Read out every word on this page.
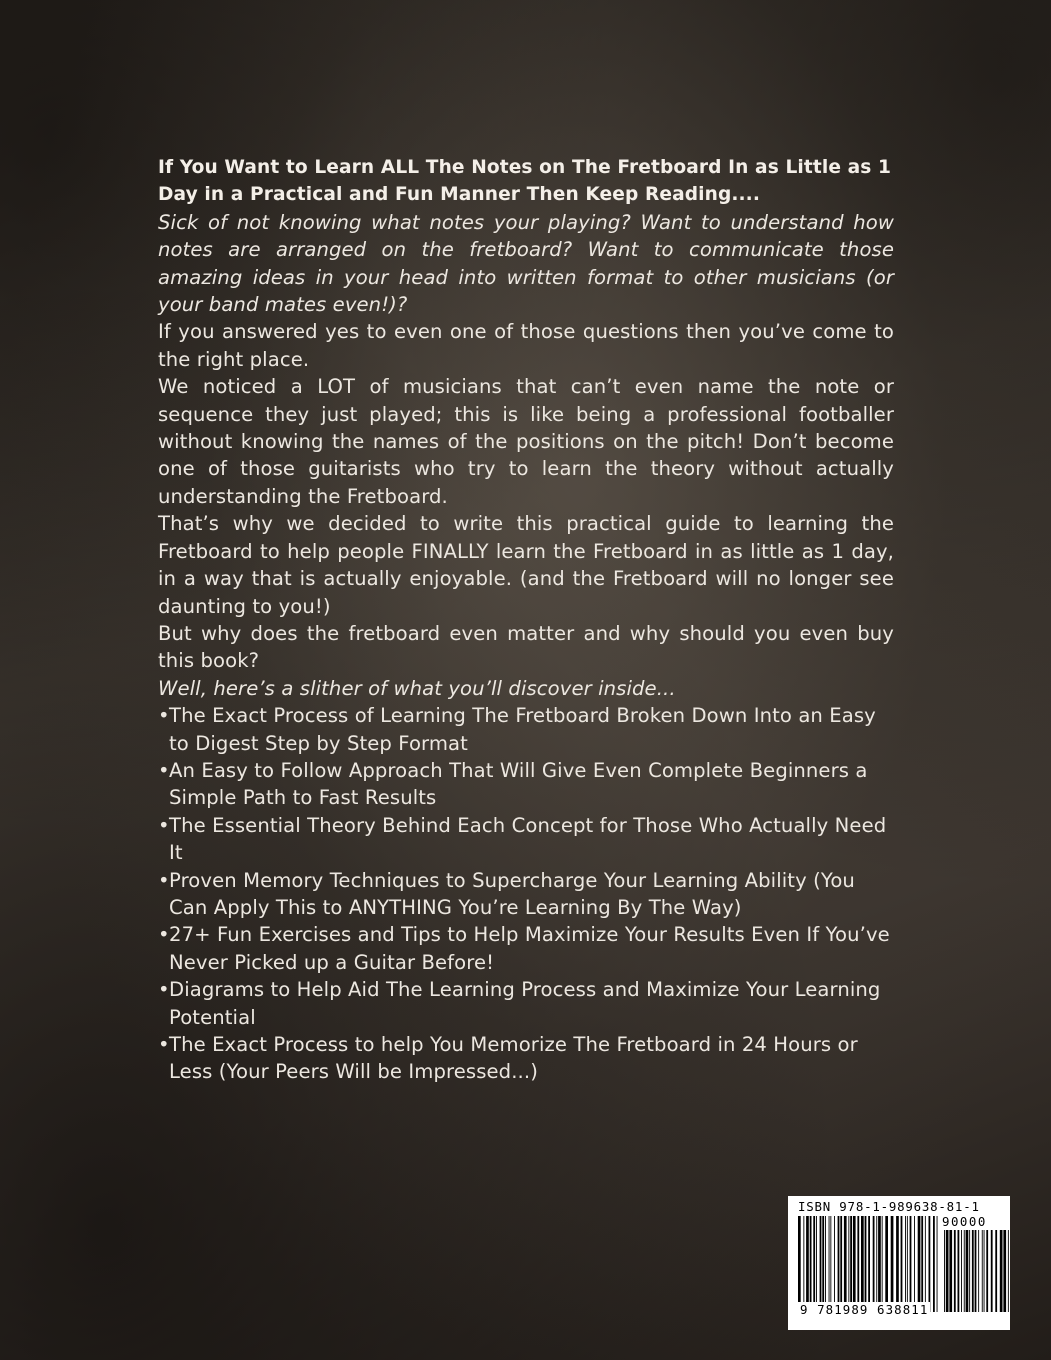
If You Want to Learn ALL The Notes on The Fretboard In as Little as 1 Day in a Practical and Fun Manner Then Keep Reading....

Sick of not knowing what notes your playing? Want to understand how notes are arranged on the fretboard? Want to communicate those amazing ideas in your head into written format to other musicians (or your band mates even!)?

If you answered yes to even one of those questions then you’ve come to the right place.

We noticed a LOT of musicians that can’t even name the note or sequence they just played; this is like being a professional footballer without knowing the names of the positions on the pitch! Don’t become one of those guitarists who try to learn the theory without actually understanding the Fretboard.

That’s why we decided to write this practical guide to learning the Fretboard to help people FINALLY learn the Fretboard in as little as 1 day, in a way that is actually enjoyable. (and the Fretboard will no longer see daunting to you!)

But why does the fretboard even matter and why should you even buy this book?

Well, here’s a slither of what you’ll discover inside...

• The Exact Process of Learning The Fretboard Broken Down Into an Easy to Digest Step by Step Format
• An Easy to Follow Approach That Will Give Even Complete Beginners a Simple Path to Fast Results
• The Essential Theory Behind Each Concept for Those Who Actually Need It
• Proven Memory Techniques to Supercharge Your Learning Ability (You Can Apply This to ANYTHING You’re Learning By The Way)
• 27+ Fun Exercises and Tips to Help Maximize Your Results Even If You’ve Never Picked up a Guitar Before!
• Diagrams to Help Aid The Learning Process and Maximize Your Learning Potential
• The Exact Process to help You Memorize The Fretboard in 24 Hours or Less (Your Peers Will be Impressed...)
ISBN 978-1-989638-81-1
90000
9 781989 638811
